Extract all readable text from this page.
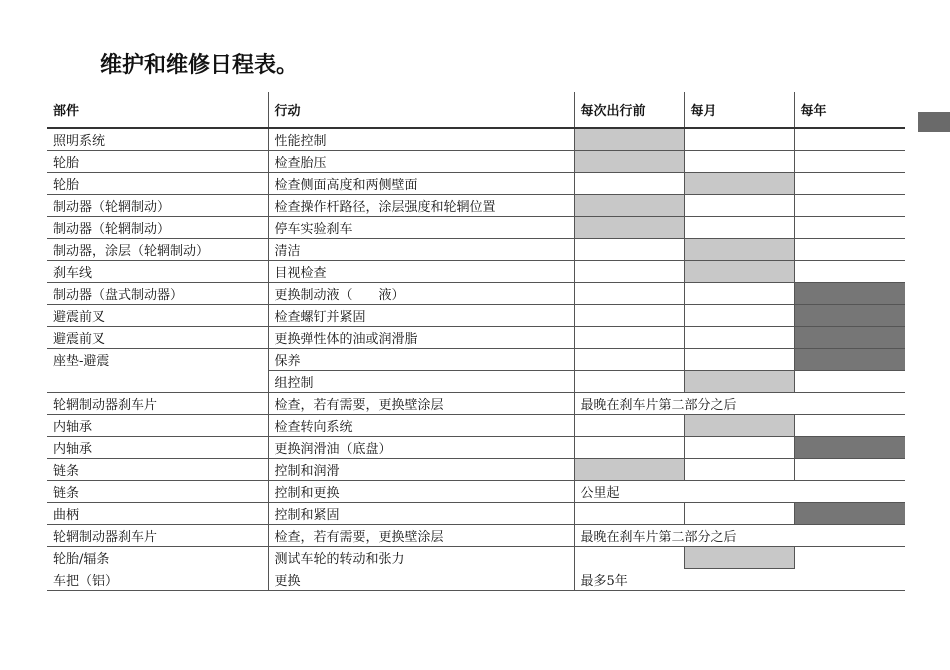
维护和维修日程表。
部件	行动	每次出行前	每月	每年
照明系统	性能控制			
轮胎	检查胎压			
轮胎	检查侧面高度和两侧壁面			
制动器（轮辋制动）	检查操作杆路径，涂层强度和轮辋位置			
制动器（轮辋制动）	停车实验刹车			
制动器，涂层（轮辋制动）	清洁			
刹车线	目视检查			
制动器（盘式制动器）	更换制动液（　　液）			
避震前叉	检查螺钉并紧固			
避震前叉	更换弹性体的油或润滑脂			
座垫-避震	保养			
	组控制			
轮辋制动器刹车片	检查，若有需要，更换壁涂层	最晚在刹车片第二部分之后		
内轴承	检查转向系统			
内轴承	更换润滑油（底盘）			
链条	控制和润滑			
链条	控制和更换	公里起		
曲柄	控制和紧固			
轮辋制动器刹车片	检查，若有需要，更换壁涂层	最晚在刹车片第二部分之后		
轮胎/辐条	测试车轮的转动和张力			
车把（铝）	更换	最多5年		
